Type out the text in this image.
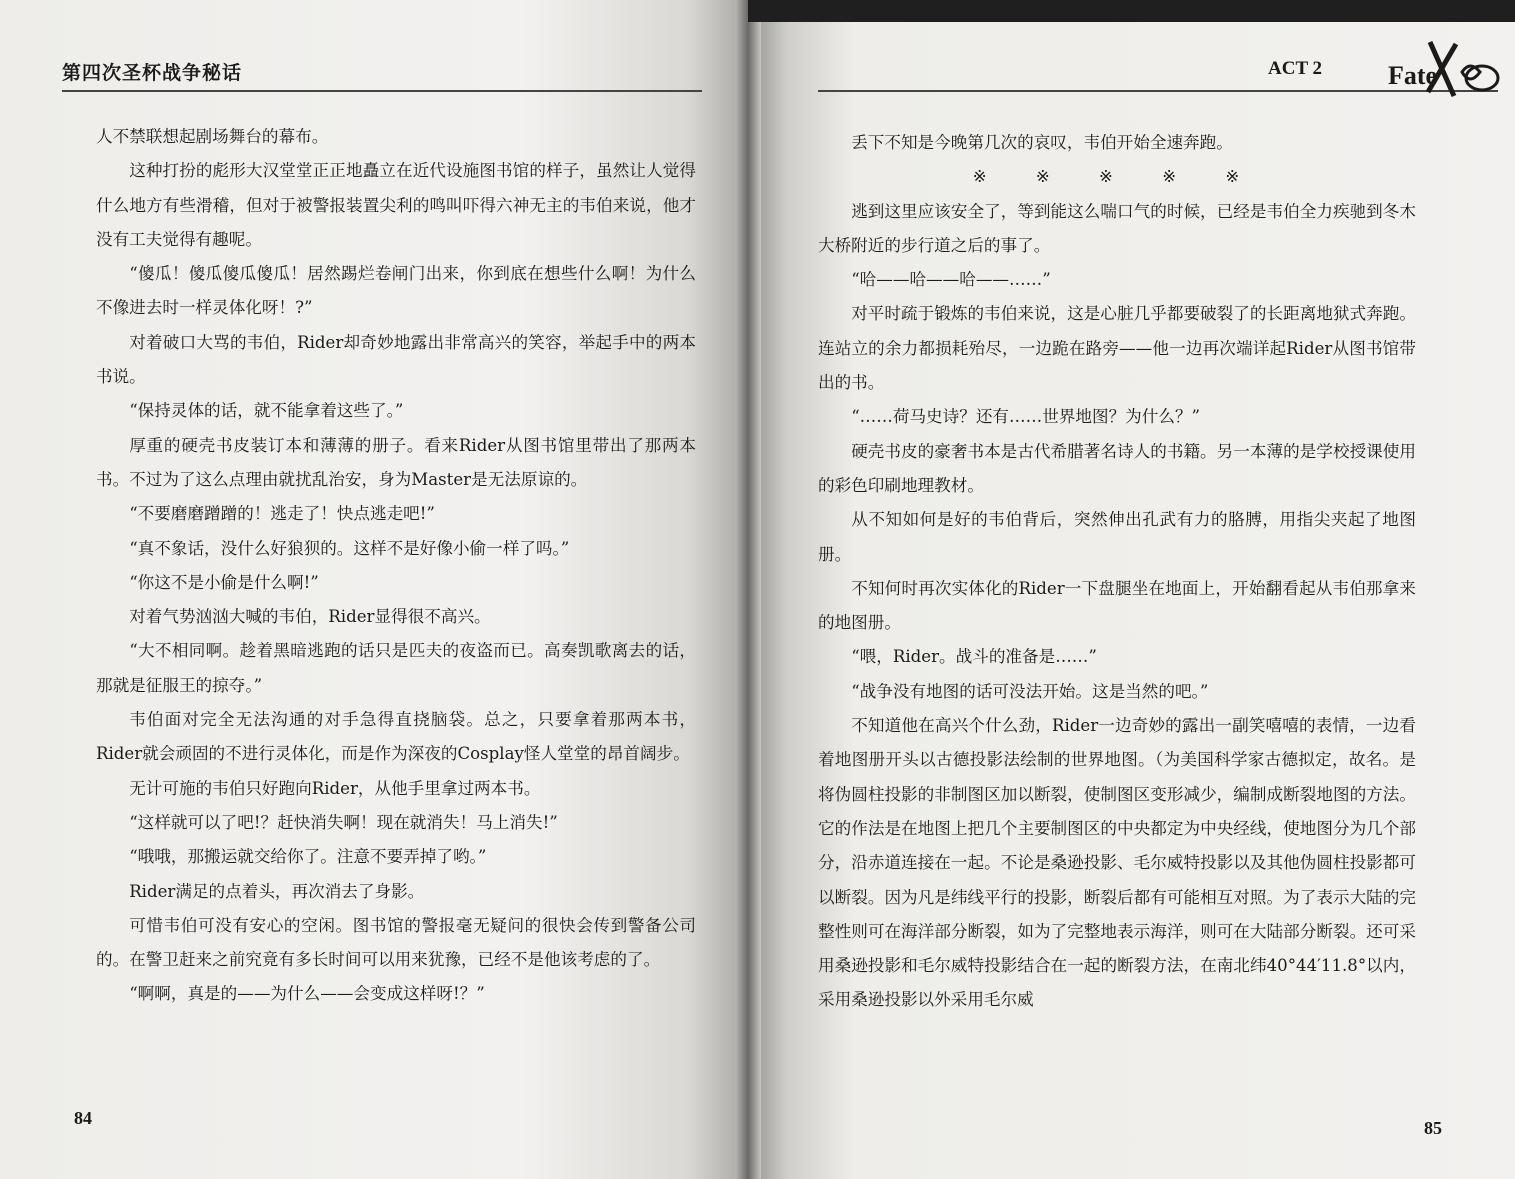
第四次圣杯战争秘话

人不禁联想起剧场舞台的幕布。

这种打扮的彪形大汉堂堂正正地矗立在近代设施图书馆的样子，虽然让人觉得什么地方有些滑稽，但对于被警报装置尖利的鸣叫吓得六神无主的韦伯来说，他才没有工夫觉得有趣呢。

“傻瓜！傻瓜傻瓜傻瓜！居然踢烂卷闸门出来，你到底在想些什么啊！为什么不像进去时一样灵体化呀！?”

对着破口大骂的韦伯，Rider却奇妙地露出非常高兴的笑容，举起手中的两本书说。

“保持灵体的话，就不能拿着这些了。”

厚重的硬壳书皮装订本和薄薄的册子。看来Rider从图书馆里带出了那两本书。不过为了这么点理由就扰乱治安，身为Master是无法原谅的。

“不要磨磨蹭蹭的！逃走了！快点逃走吧!”

“真不象话，没什么好狼狈的。这样不是好像小偷一样了吗。”

“你这不是小偷是什么啊!”

对着气势汹汹大喊的韦伯，Rider显得很不高兴。

“大不相同啊。趁着黑暗逃跑的话只是匹夫的夜盗而已。高奏凯歌离去的话，那就是征服王的掠夺。”

韦伯面对完全无法沟通的对手急得直挠脑袋。总之，只要拿着那两本书，Rider就会顽固的不进行灵体化，而是作为深夜的Cosplay怪人堂堂的昂首阔步。

无计可施的韦伯只好跑向Rider，从他手里拿过两本书。

“这样就可以了吧!？赶快消失啊！现在就消失！马上消失!”

“哦哦，那搬运就交给你了。注意不要弄掉了哟。”

Rider满足的点着头，再次消去了身影。

可惜韦伯可没有安心的空闲。图书馆的警报毫无疑问的很快会传到警备公司的。在警卫赶来之前究竟有多长时间可以用来犹豫，已经不是他该考虑的了。

“啊啊，真是的——为什么——会变成这样呀!？”

84
ACT 2	Fate

丢下不知是今晚第几次的哀叹，韦伯开始全速奔跑。

※ ※ ※ ※ ※

逃到这里应该安全了，等到能这么喘口气的时候，已经是韦伯全力疾驰到冬木大桥附近的步行道之后的事了。

“哈——哈——哈——……”

对平时疏于锻炼的韦伯来说，这是心脏几乎都要破裂了的长距离地狱式奔跑。连站立的余力都损耗殆尽，一边跪在路旁——他一边再次端详起Rider从图书馆带出的书。

“……荷马史诗？还有……世界地图？为什么？”

硬壳书皮的豪奢书本是古代希腊著名诗人的书籍。另一本薄的是学校授课使用的彩色印刷地理教材。

从不知如何是好的韦伯背后，突然伸出孔武有力的胳膊，用指尖夹起了地图册。

不知何时再次实体化的Rider一下盘腿坐在地面上，开始翻看起从韦伯那拿来的地图册。

“喂，Rider。战斗的准备是……”

“战争没有地图的话可没法开始。这是当然的吧。”

不知道他在高兴个什么劲，Rider一边奇妙的露出一副笑嘻嘻的表情，一边看着地图册开头以古德投影法绘制的世界地图。（为美国科学家古德拟定，故名。是将伪圆柱投影的非制图区加以断裂，使制图区变形减少，编制成断裂地图的方法。它的作法是在地图上把几个主要制图区的中央都定为中央经线，使地图分为几个部分，沿赤道连接在一起。不论是桑逊投影、毛尔威特投影以及其他伪圆柱投影都可以断裂。因为凡是纬线平行的投影，断裂后都有可能相互对照。为了表示大陆的完整性则可在海洋部分断裂，如为了完整地表示海洋，则可在大陆部分断裂。还可采用桑逊投影和毛尔威特投影结合在一起的断裂方法，在南北纬40°44′11.8°以内，采用桑逊投影以外采用毛尔威

85
